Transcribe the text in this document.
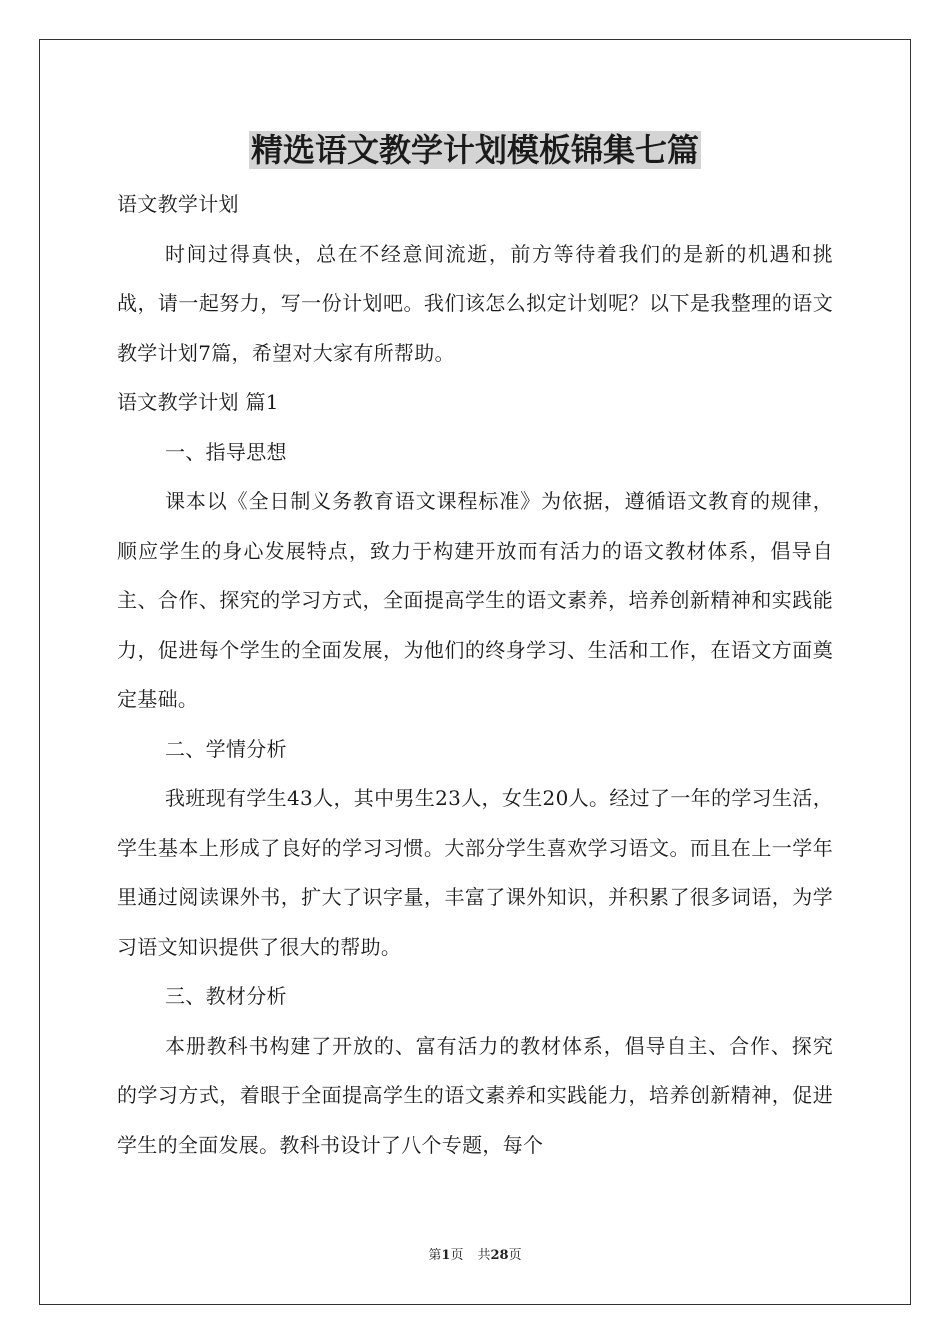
精选语文教学计划模板锦集七篇

语文教学计划

时间过得真快，总在不经意间流逝，前方等待着我们的是新的机遇和挑战，请一起努力，写一份计划吧。我们该怎么拟定计划呢？以下是我整理的语文教学计划7篇，希望对大家有所帮助。

语文教学计划 篇1

一、指导思想

课本以《全日制义务教育语文课程标准》为依据，遵循语文教育的规律，顺应学生的身心发展特点，致力于构建开放而有活力的语文教材体系，倡导自主、合作、探究的学习方式，全面提高学生的语文素养，培养创新精神和实践能力，促进每个学生的全面发展，为他们的终身学习、生活和工作，在语文方面奠定基础。

二、学情分析

我班现有学生43人，其中男生23人，女生20人。经过了一年的学习生活，学生基本上形成了良好的学习习惯。大部分学生喜欢学习语文。而且在上一学年里通过阅读课外书，扩大了识字量，丰富了课外知识，并积累了很多词语，为学习语文知识提供了很大的帮助。

三、教材分析

本册教科书构建了开放的、富有活力的教材体系，倡导自主、合作、探究的学习方式，着眼于全面提高学生的语文素养和实践能力，培养创新精神，促进学生的全面发展。教科书设计了八个专题，每个

第1页 共28页
